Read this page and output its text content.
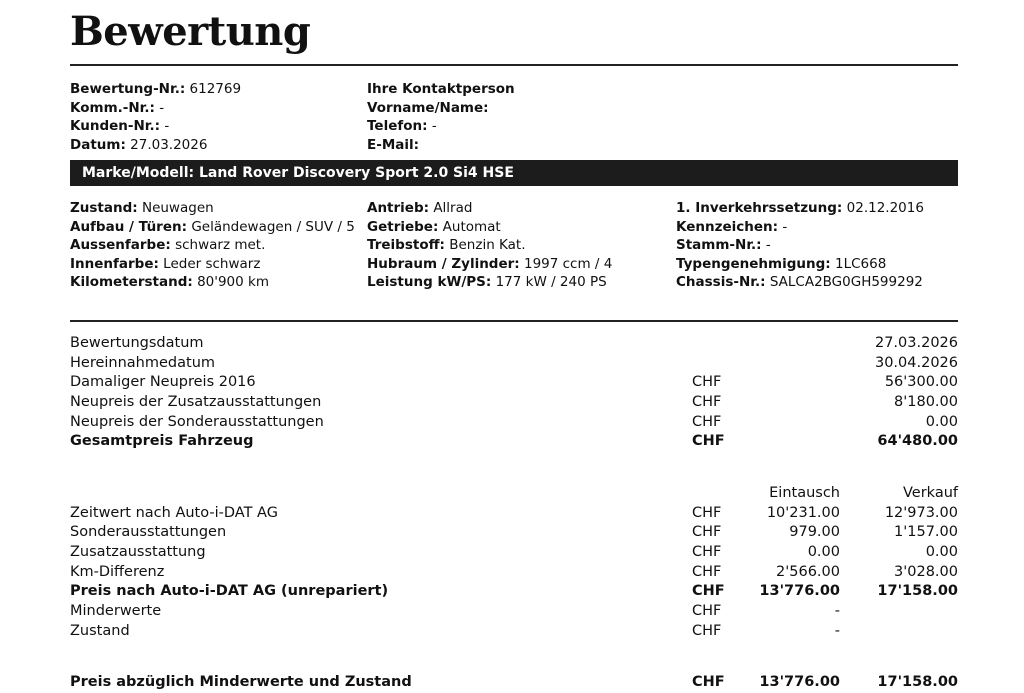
Bewertung
Bewertung-Nr.: 612769
Komm.-Nr.: -
Kunden-Nr.: -
Datum: 27.03.2026
Ihre Kontaktperson
Vorname/Name:
Telefon: -
E-Mail:
Marke/Modell: Land Rover Discovery Sport 2.0 Si4 HSE
Zustand: Neuwagen
Aufbau / Türen: Geländewagen / SUV / 5
Aussenfarbe: schwarz met.
Innenfarbe: Leder schwarz
Kilometerstand: 80'900 km
Antrieb: Allrad
Getriebe: Automat
Treibstoff: Benzin Kat.
Hubraum / Zylinder: 1997 ccm / 4
Leistung kW/PS: 177 kW / 240 PS
1. Inverkehrssetzung: 02.12.2016
Kennzeichen: -
Stamm-Nr.: -
Typengenehmigung: 1LC668
Chassis-Nr.: SALCA2BG0GH599292
Bewertungsdatum	27.03.2026
Hereinnahmedatum	30.04.2026
Damaliger Neupreis 2016	CHF	56'300.00
Neupreis der Zusatzausstattungen	CHF	8'180.00
Neupreis der Sonderausstattungen	CHF	0.00
Gesamtpreis Fahrzeug	CHF	64'480.00
Eintausch	Verkauf
Zeitwert nach Auto-i-DAT AG	CHF	10'231.00	12'973.00
Sonderausstattungen	CHF	979.00	1'157.00
Zusatzausstattung	CHF	0.00	0.00
Km-Differenz	CHF	2'566.00	3'028.00
Preis nach Auto-i-DAT AG (unrepariert)	CHF 13'776.00	17'158.00
Minderwerte	CHF	-
Zustand	CHF	-
Preis abzüglich Minderwerte und Zustand	CHF 13'776.00	17'158.00
